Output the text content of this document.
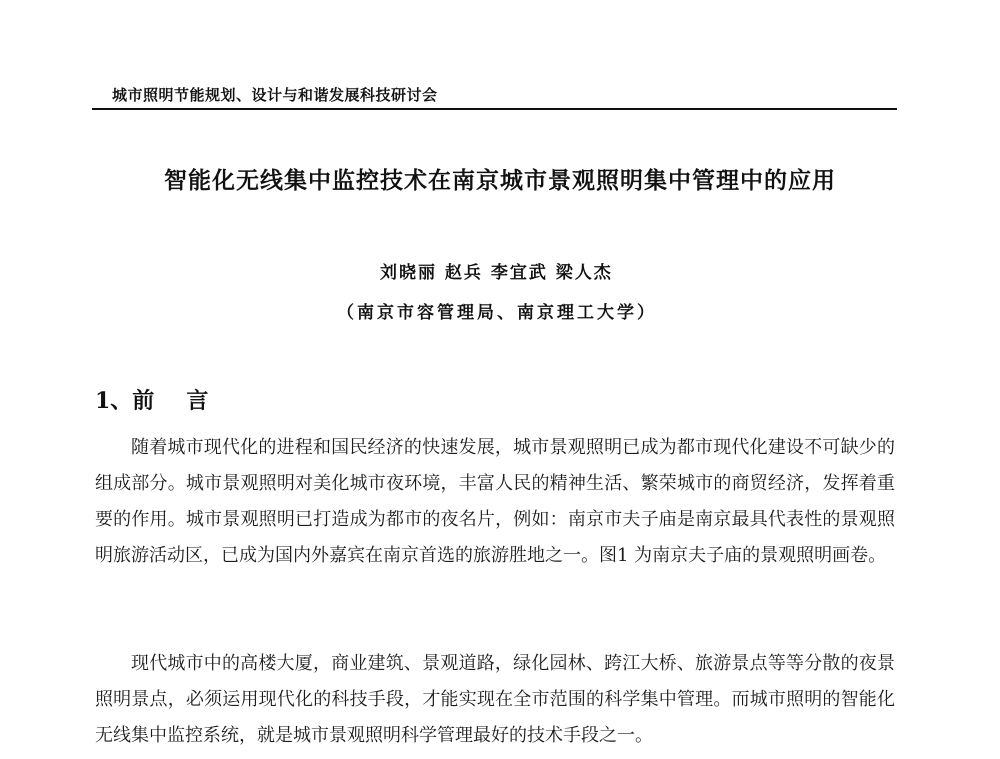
城市照明节能规划、设计与和谐发展科技研讨会
智能化无线集中监控技术在南京城市景观照明集中管理中的应用
刘晓丽 赵兵 李宜武 梁人杰
（南京市容管理局、南京理工大学）
1、前 言
随着城市现代化的进程和国民经济的快速发展，城市景观照明已成为都市现代化建设不可缺少的组成部分。城市景观照明对美化城市夜环境，丰富人民的精神生活、繁荣城市的商贸经济，发挥着重要的作用。城市景观照明已打造成为都市的夜名片，例如：南京市夫子庙是南京最具代表性的景观照明旅游活动区，已成为国内外嘉宾在南京首选的旅游胜地之一。图1 为南京夫子庙的景观照明画卷。
现代城市中的高楼大厦，商业建筑、景观道路，绿化园林、跨江大桥、旅游景点等等分散的夜景照明景点，必须运用现代化的科技手段，才能实现在全市范围的科学集中管理。而城市照明的智能化无线集中监控系统，就是城市景观照明科学管理最好的技术手段之一。
